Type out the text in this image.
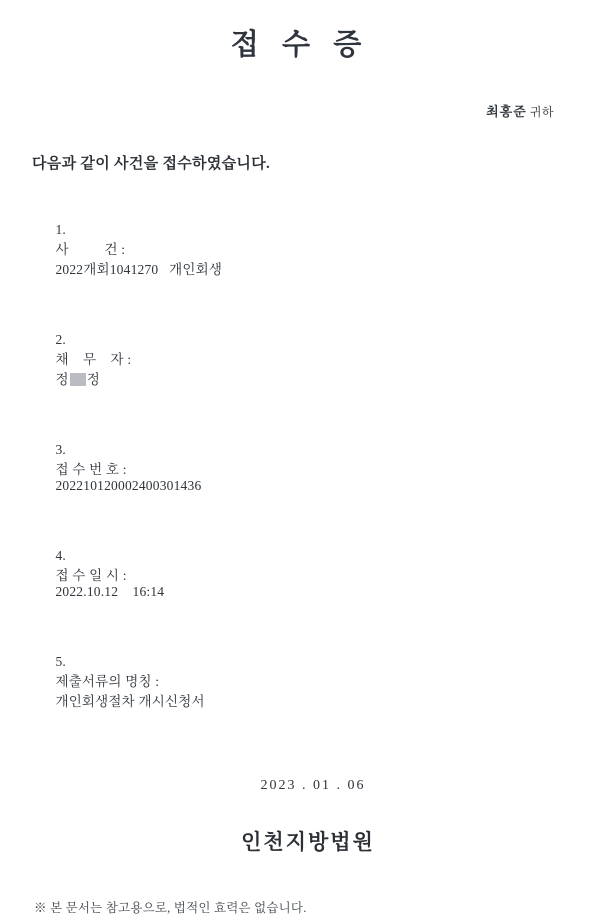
접 수 증
최홍준 귀하
다음과 같이 사건을 접수하였습니다.

1.
사          건 :
2022개회1041270   개인회생

2.
채    무    자 :
정 정

3.
접 수 번 호 :
202210120002400301436

4.
접 수 일 시 :
2022.10.12    16:14

5.
제출서류의 명칭 :
개인회생절차 개시신청서

2023 . 01 . 06
인천지방법원
※ 본 문서는 참고용으로, 법적인 효력은 없습니다.
